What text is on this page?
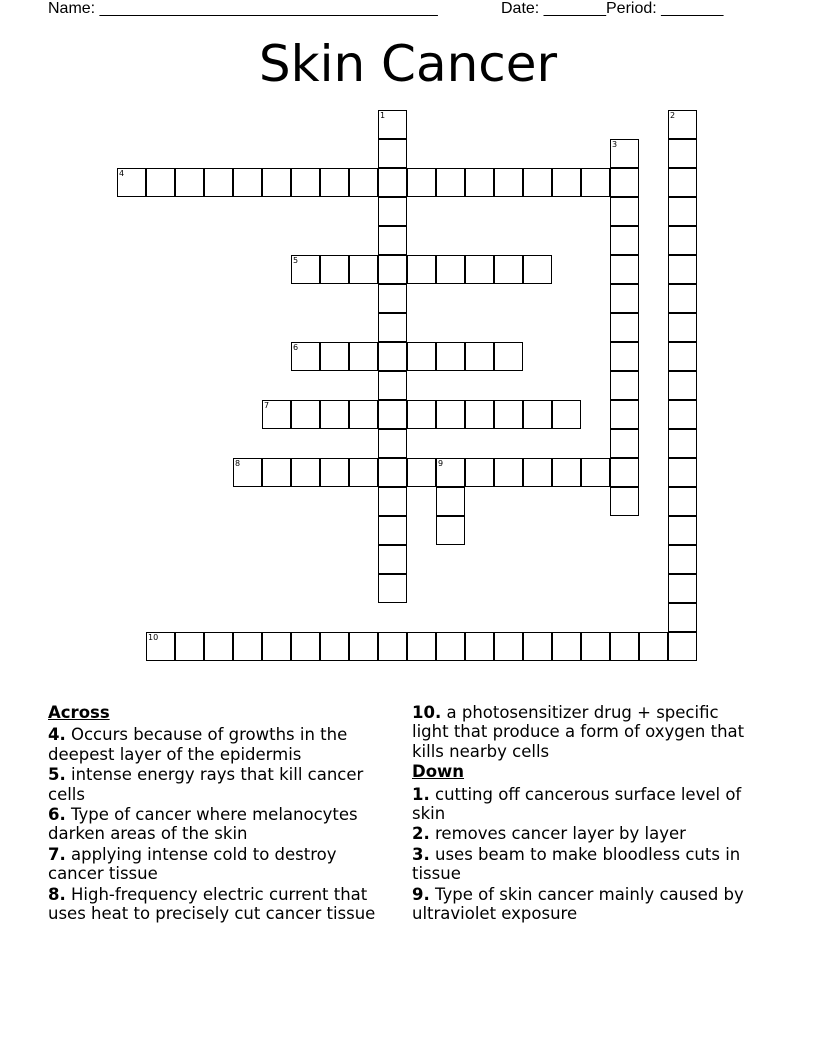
Name: ______________________________________	Date: _______ Period: _______
Skin Cancer
1	2
3
4
5
6
7
8	9
10
Across
4. Occurs because of growths in the deepest layer of the epidermis
5. intense energy rays that kill cancer cells
6. Type of cancer where melanocytes darken areas of the skin
7. applying intense cold to destroy cancer tissue
8. High-frequency electric current that uses heat to precisely cut cancer tissue
10. a photosensitizer drug + specific light that produce a form of oxygen that kills nearby cells
Down
1. cutting off cancerous surface level of skin
2. removes cancer layer by layer
3. uses beam to make bloodless cuts in tissue
9. Type of skin cancer mainly caused by ultraviolet exposure
